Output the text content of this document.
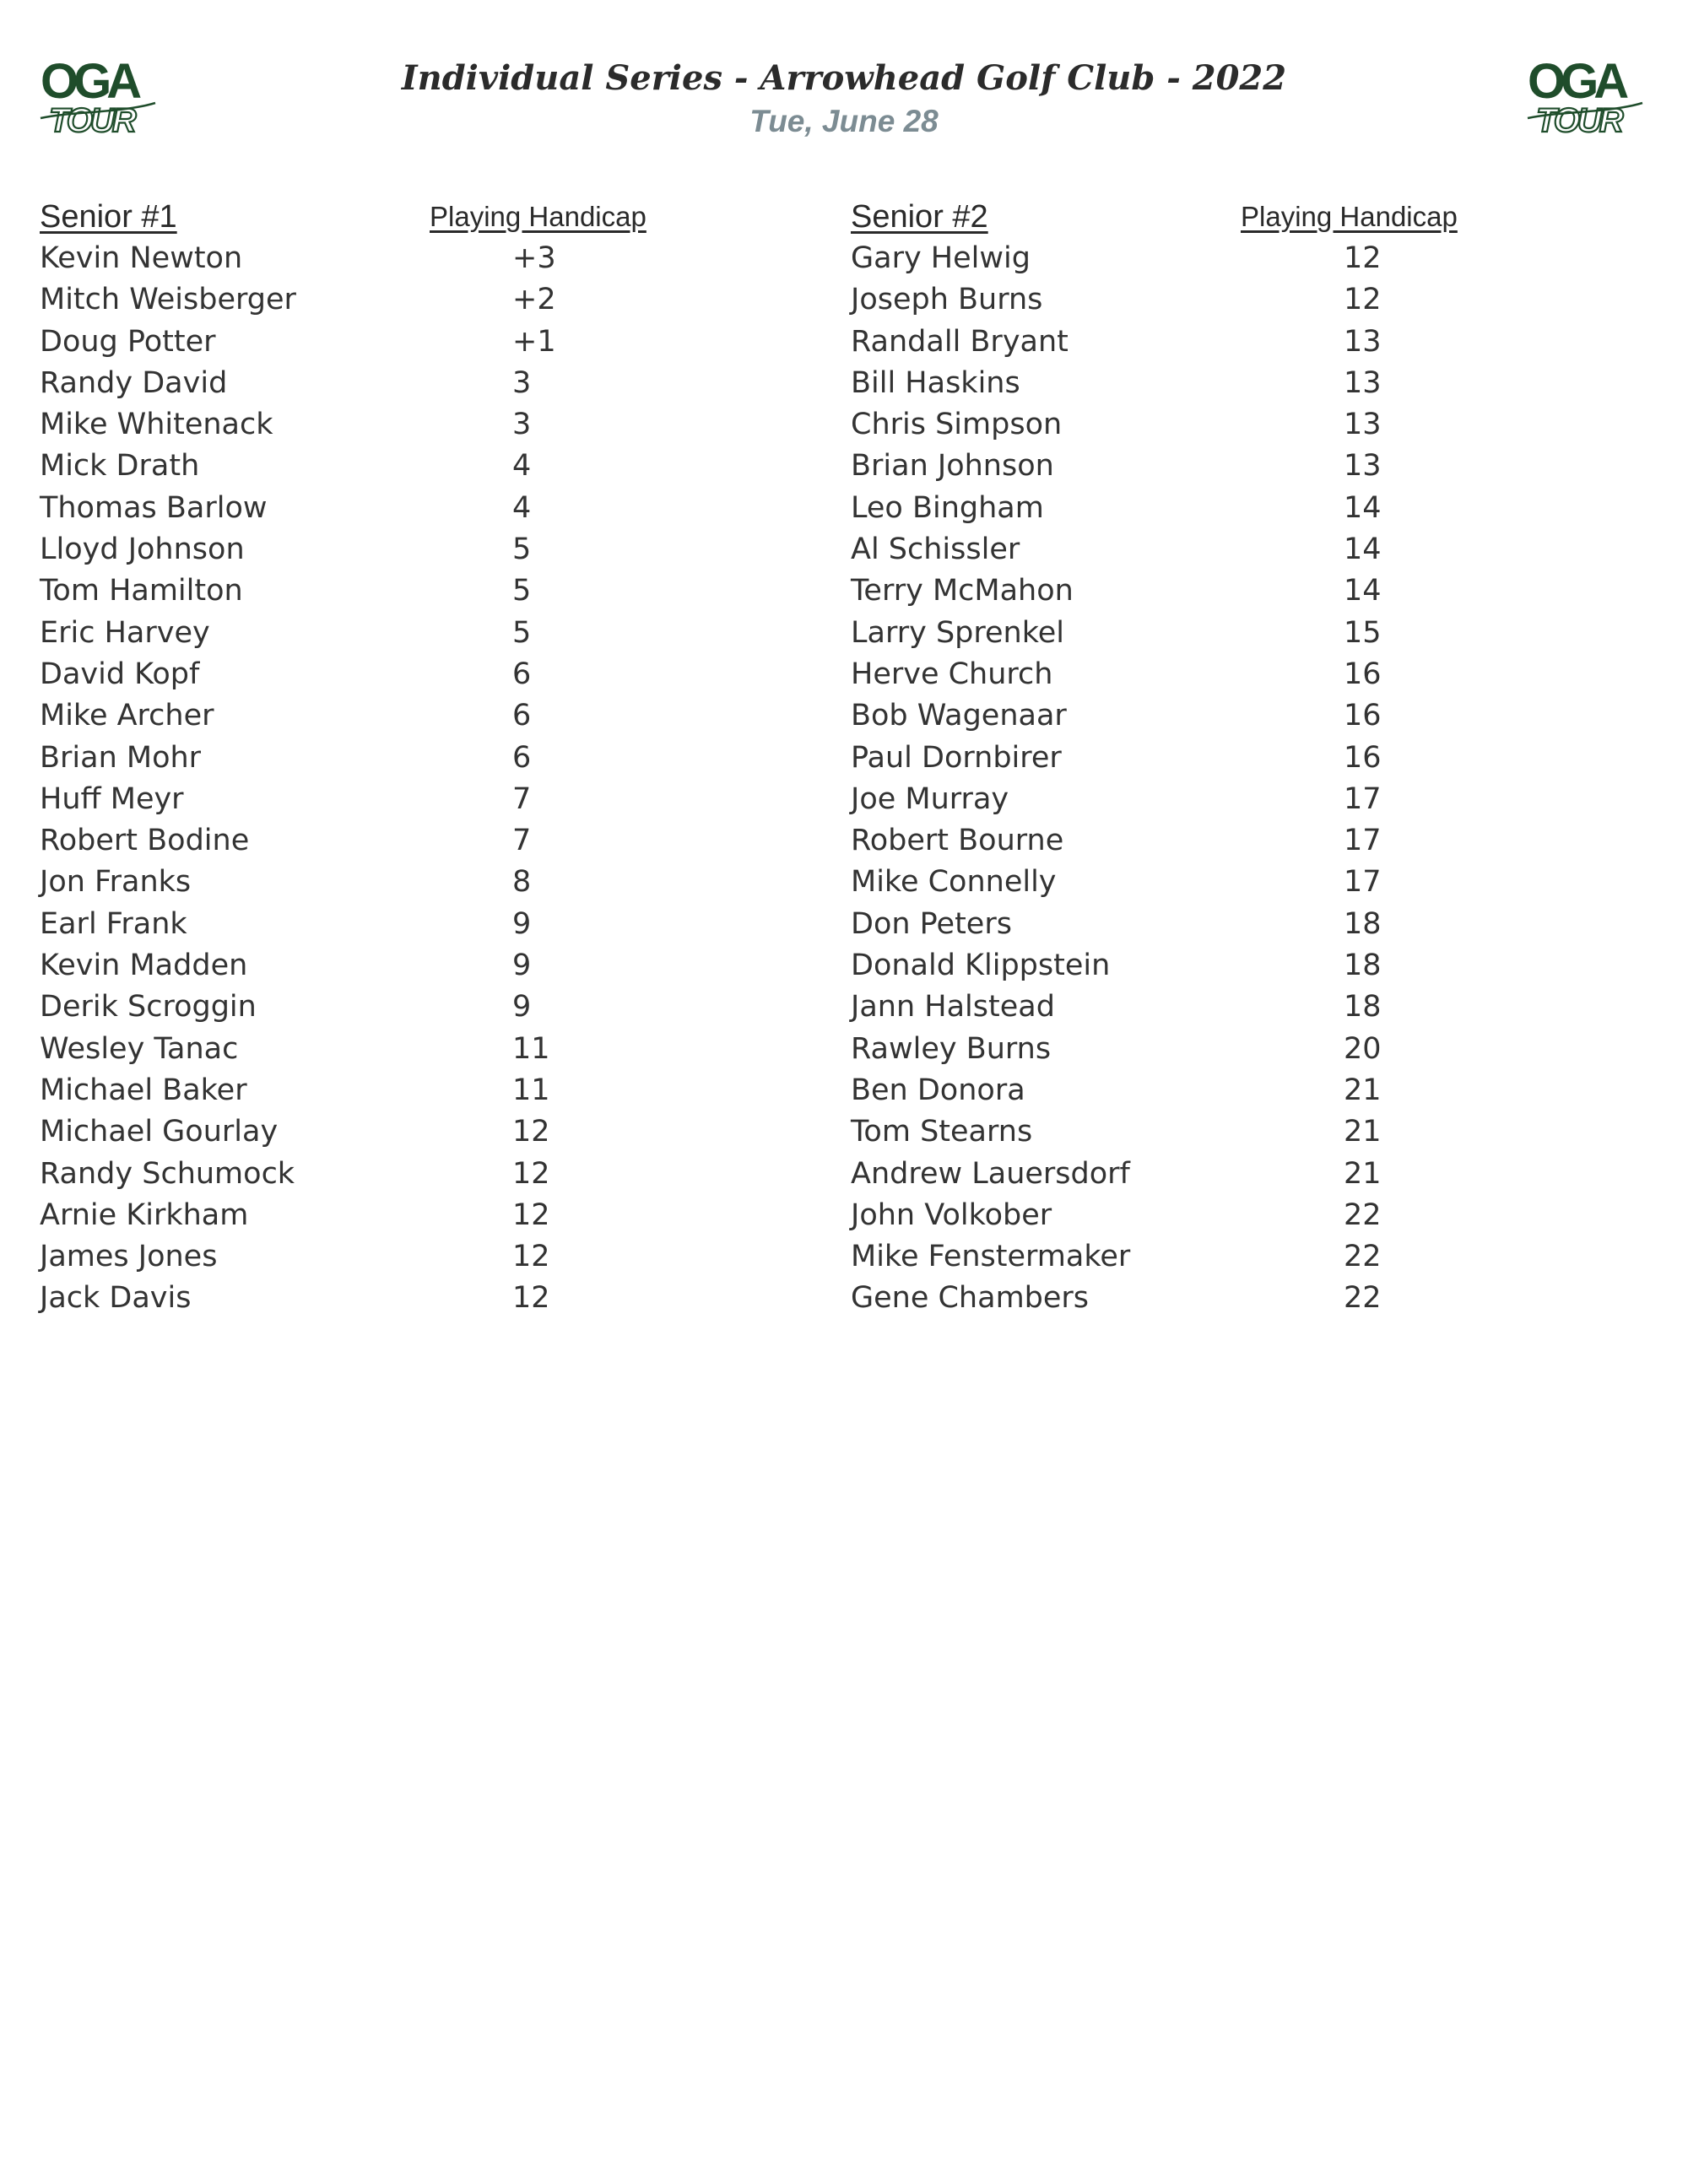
OGA
TOUR
OGA
TOUR
Individual Series - Arrowhead Golf Club - 2022
Tue, June 28
Senior #1	Playing Handicap
Kevin Newton	+3
Mitch Weisberger	+2
Doug Potter	+1
Randy David	3
Mike Whitenack	3
Mick Drath	4
Thomas Barlow	4
Lloyd Johnson	5
Tom Hamilton	5
Eric Harvey	5
David Kopf	6
Mike Archer	6
Brian Mohr	6
Huff Meyr	7
Robert Bodine	7
Jon Franks	8
Earl Frank	9
Kevin Madden	9
Derik Scroggin	9
Wesley Tanac	11
Michael Baker	11
Michael Gourlay	12
Randy Schumock	12
Arnie Kirkham	12
James Jones	12
Jack Davis	12
Senior #2	Playing Handicap
Gary Helwig	12
Joseph Burns	12
Randall Bryant	13
Bill Haskins	13
Chris Simpson	13
Brian Johnson	13
Leo Bingham	14
Al Schissler	14
Terry McMahon	14
Larry Sprenkel	15
Herve Church	16
Bob Wagenaar	16
Paul Dornbirer	16
Joe Murray	17
Robert Bourne	17
Mike Connelly	17
Don Peters	18
Donald Klippstein	18
Jann Halstead	18
Rawley Burns	20
Ben Donora	21
Tom Stearns	21
Andrew Lauersdorf	21
John Volkober	22
Mike Fenstermaker	22
Gene Chambers	22
